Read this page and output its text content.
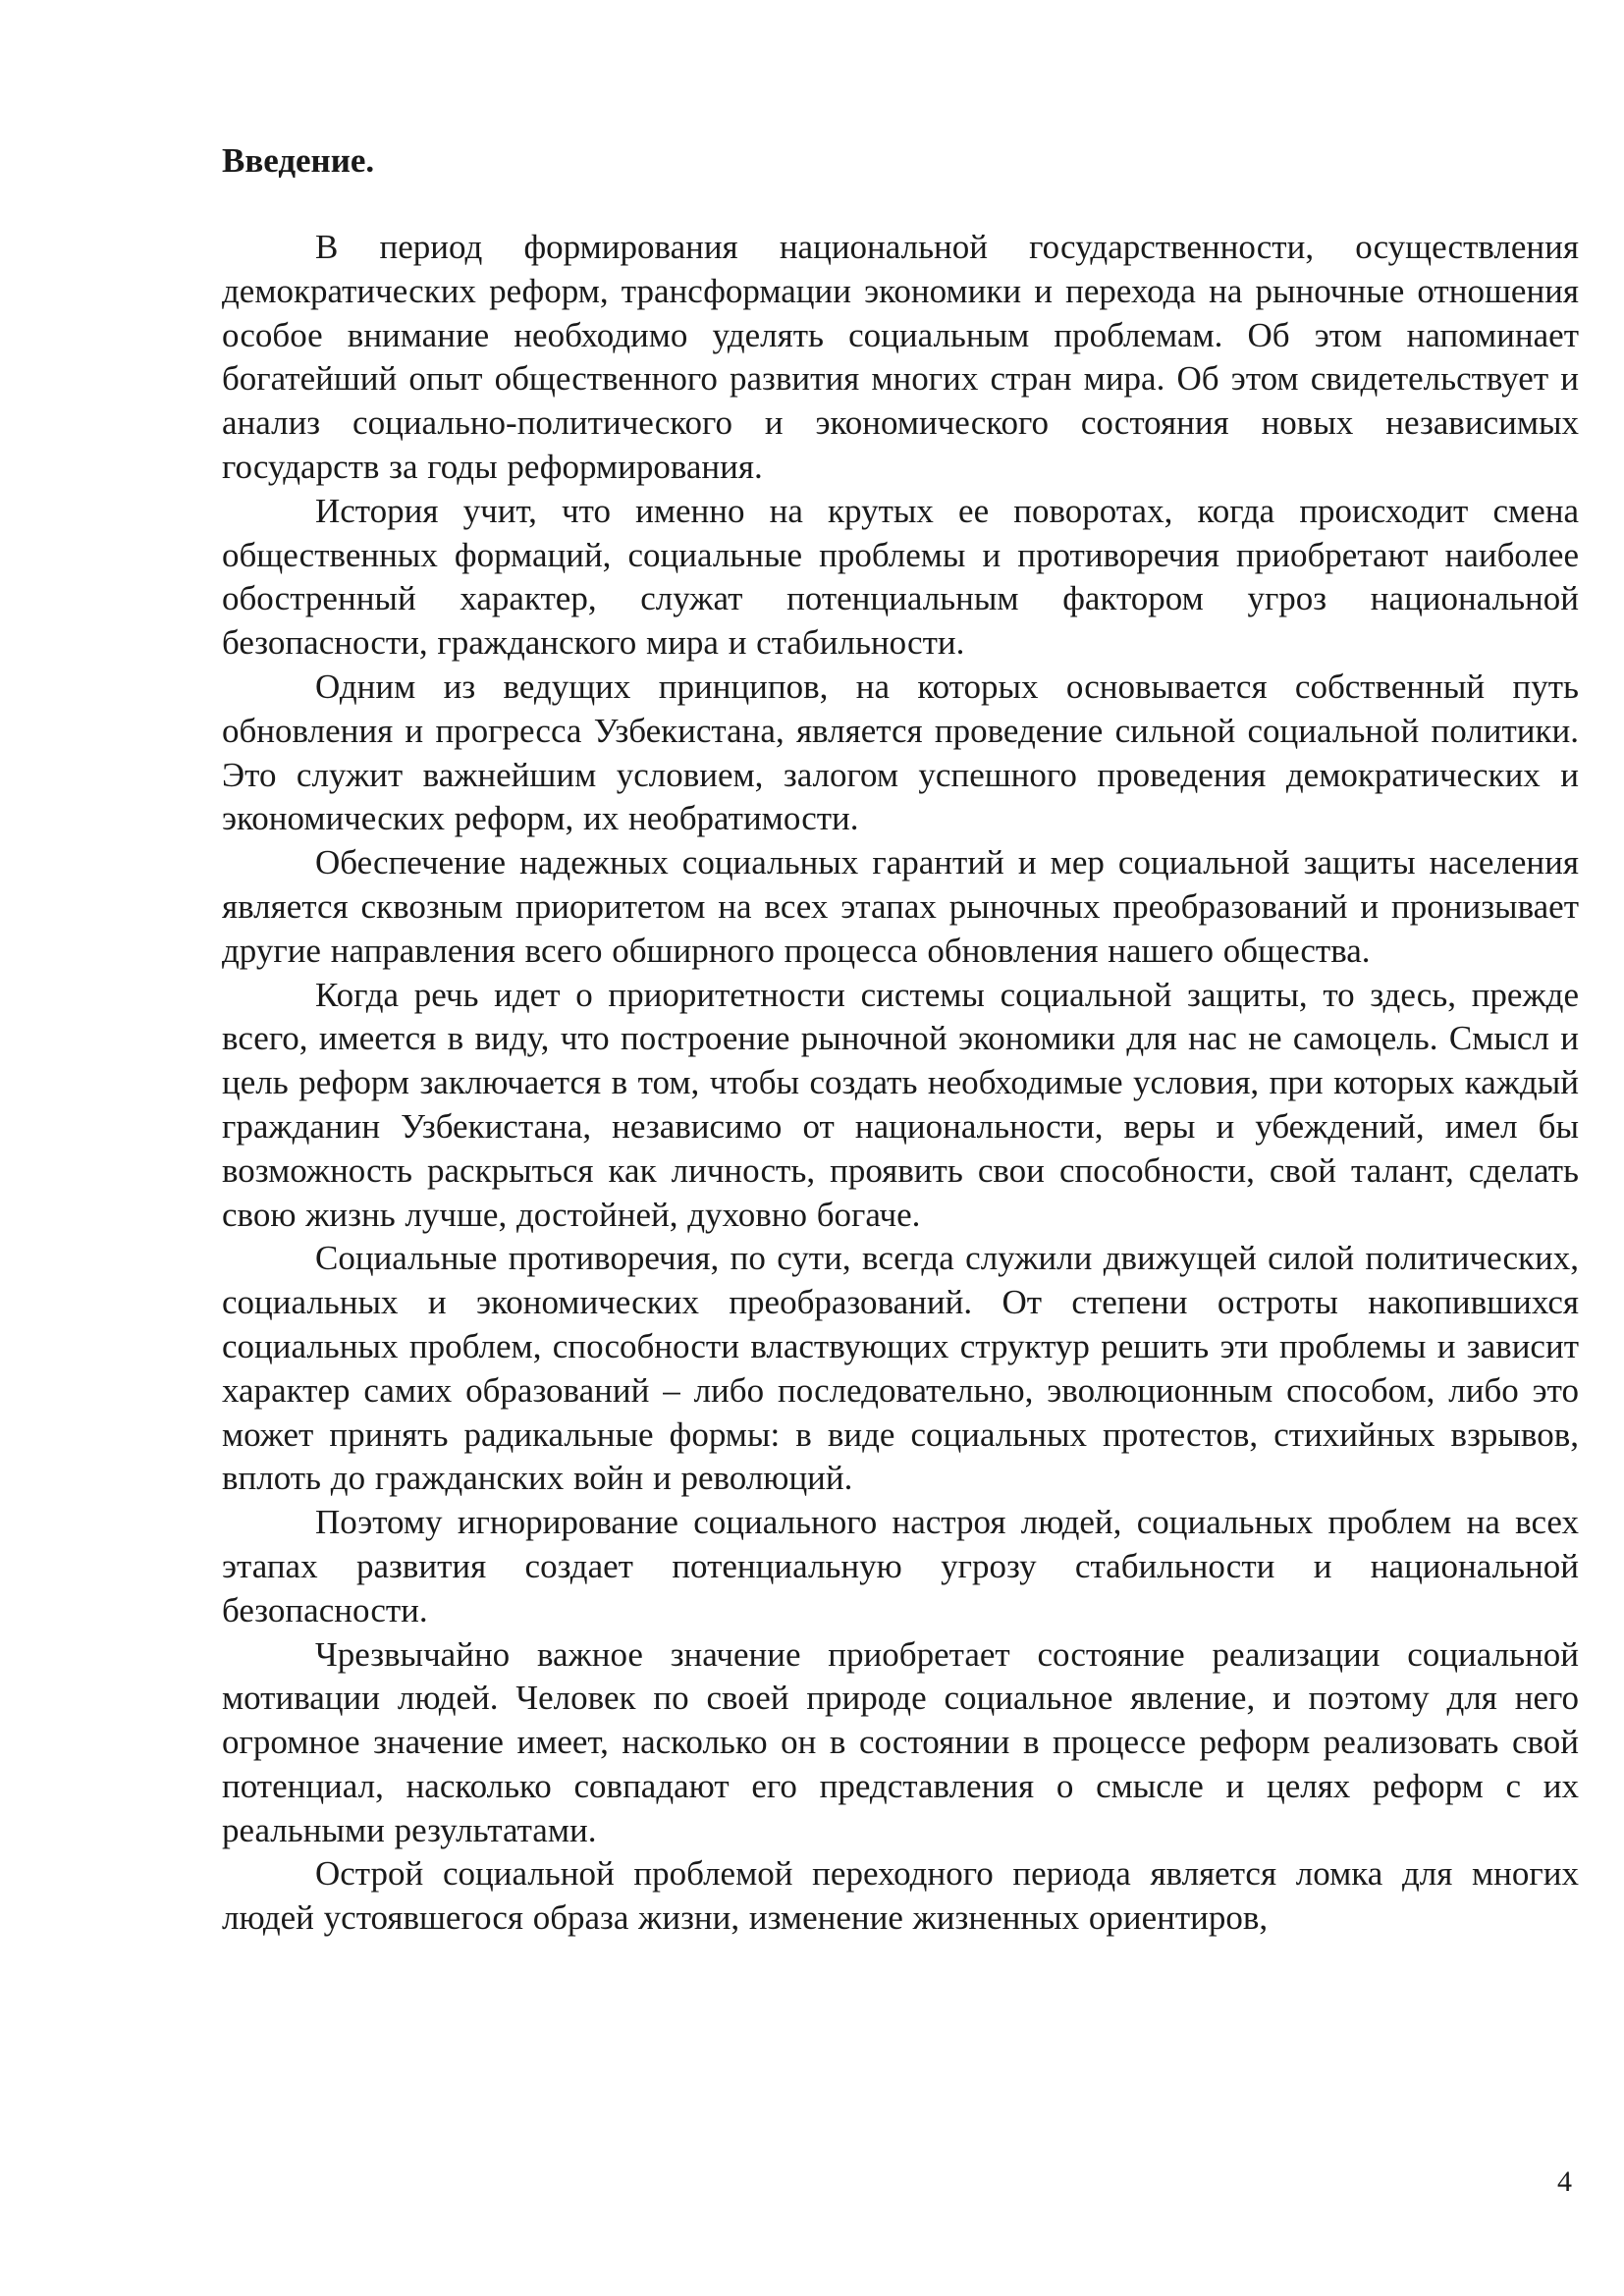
Введение.

В период формирования национальной государственности, осуществления демократических реформ, трансформации экономики и перехода на рыночные отношения особое внимание необходимо уделять социальным проблемам. Об этом напоминает богатейший опыт общественного развития многих стран мира. Об этом свидетельствует и анализ социально-политического и экономического состояния новых независимых государств за годы реформирования.

История учит, что именно на крутых ее поворотах, когда происходит смена общественных формаций, социальные проблемы и противоречия приобретают наиболее обостренный характер, служат потенциальным фактором угроз национальной безопасности, гражданского мира и стабильности.

Одним из ведущих принципов, на которых основывается собственный путь обновления и прогресса Узбекистана, является проведение сильной социальной политики. Это служит важнейшим условием, залогом успешного проведения демократических и экономических реформ, их необратимости.

Обеспечение надежных социальных гарантий и мер социальной защиты населения является сквозным приоритетом на всех этапах рыночных преобразований и пронизывает другие направления всего обширного процесса обновления нашего общества.

Когда речь идет о приоритетности системы социальной защиты, то здесь, прежде всего, имеется в виду, что построение рыночной экономики для нас не самоцель. Смысл и цель реформ заключается в том, чтобы создать необходимые условия, при которых каждый гражданин Узбекистана, независимо от национальности, веры и убеждений, имел бы возможность раскрыться как личность, проявить свои способности, свой талант, сделать свою жизнь лучше, достойней, духовно богаче.

Социальные противоречия, по сути, всегда служили движущей силой политических, социальных и экономических преобразований. От степени остроты накопившихся социальных проблем, способности властвующих структур решить эти проблемы и зависит характер самих образований – либо последовательно, эволюционным способом, либо это может принять радикальные формы: в виде социальных протестов, стихийных взрывов, вплоть до гражданских войн и революций.

Поэтому игнорирование социального настроя людей, социальных проблем на всех этапах развития создает потенциальную угрозу стабильности и национальной безопасности.

Чрезвычайно важное значение приобретает состояние реализации социальной мотивации людей. Человек по своей природе социальное явление, и поэтому для него огромное значение имеет, насколько он в состоянии в процессе реформ реализовать свой потенциал, насколько совпадают его представления о смысле и целях реформ с их реальными результатами.

Острой социальной проблемой переходного периода является ломка для многих людей устоявшегося образа жизни, изменение жизненных ориентиров,

4
